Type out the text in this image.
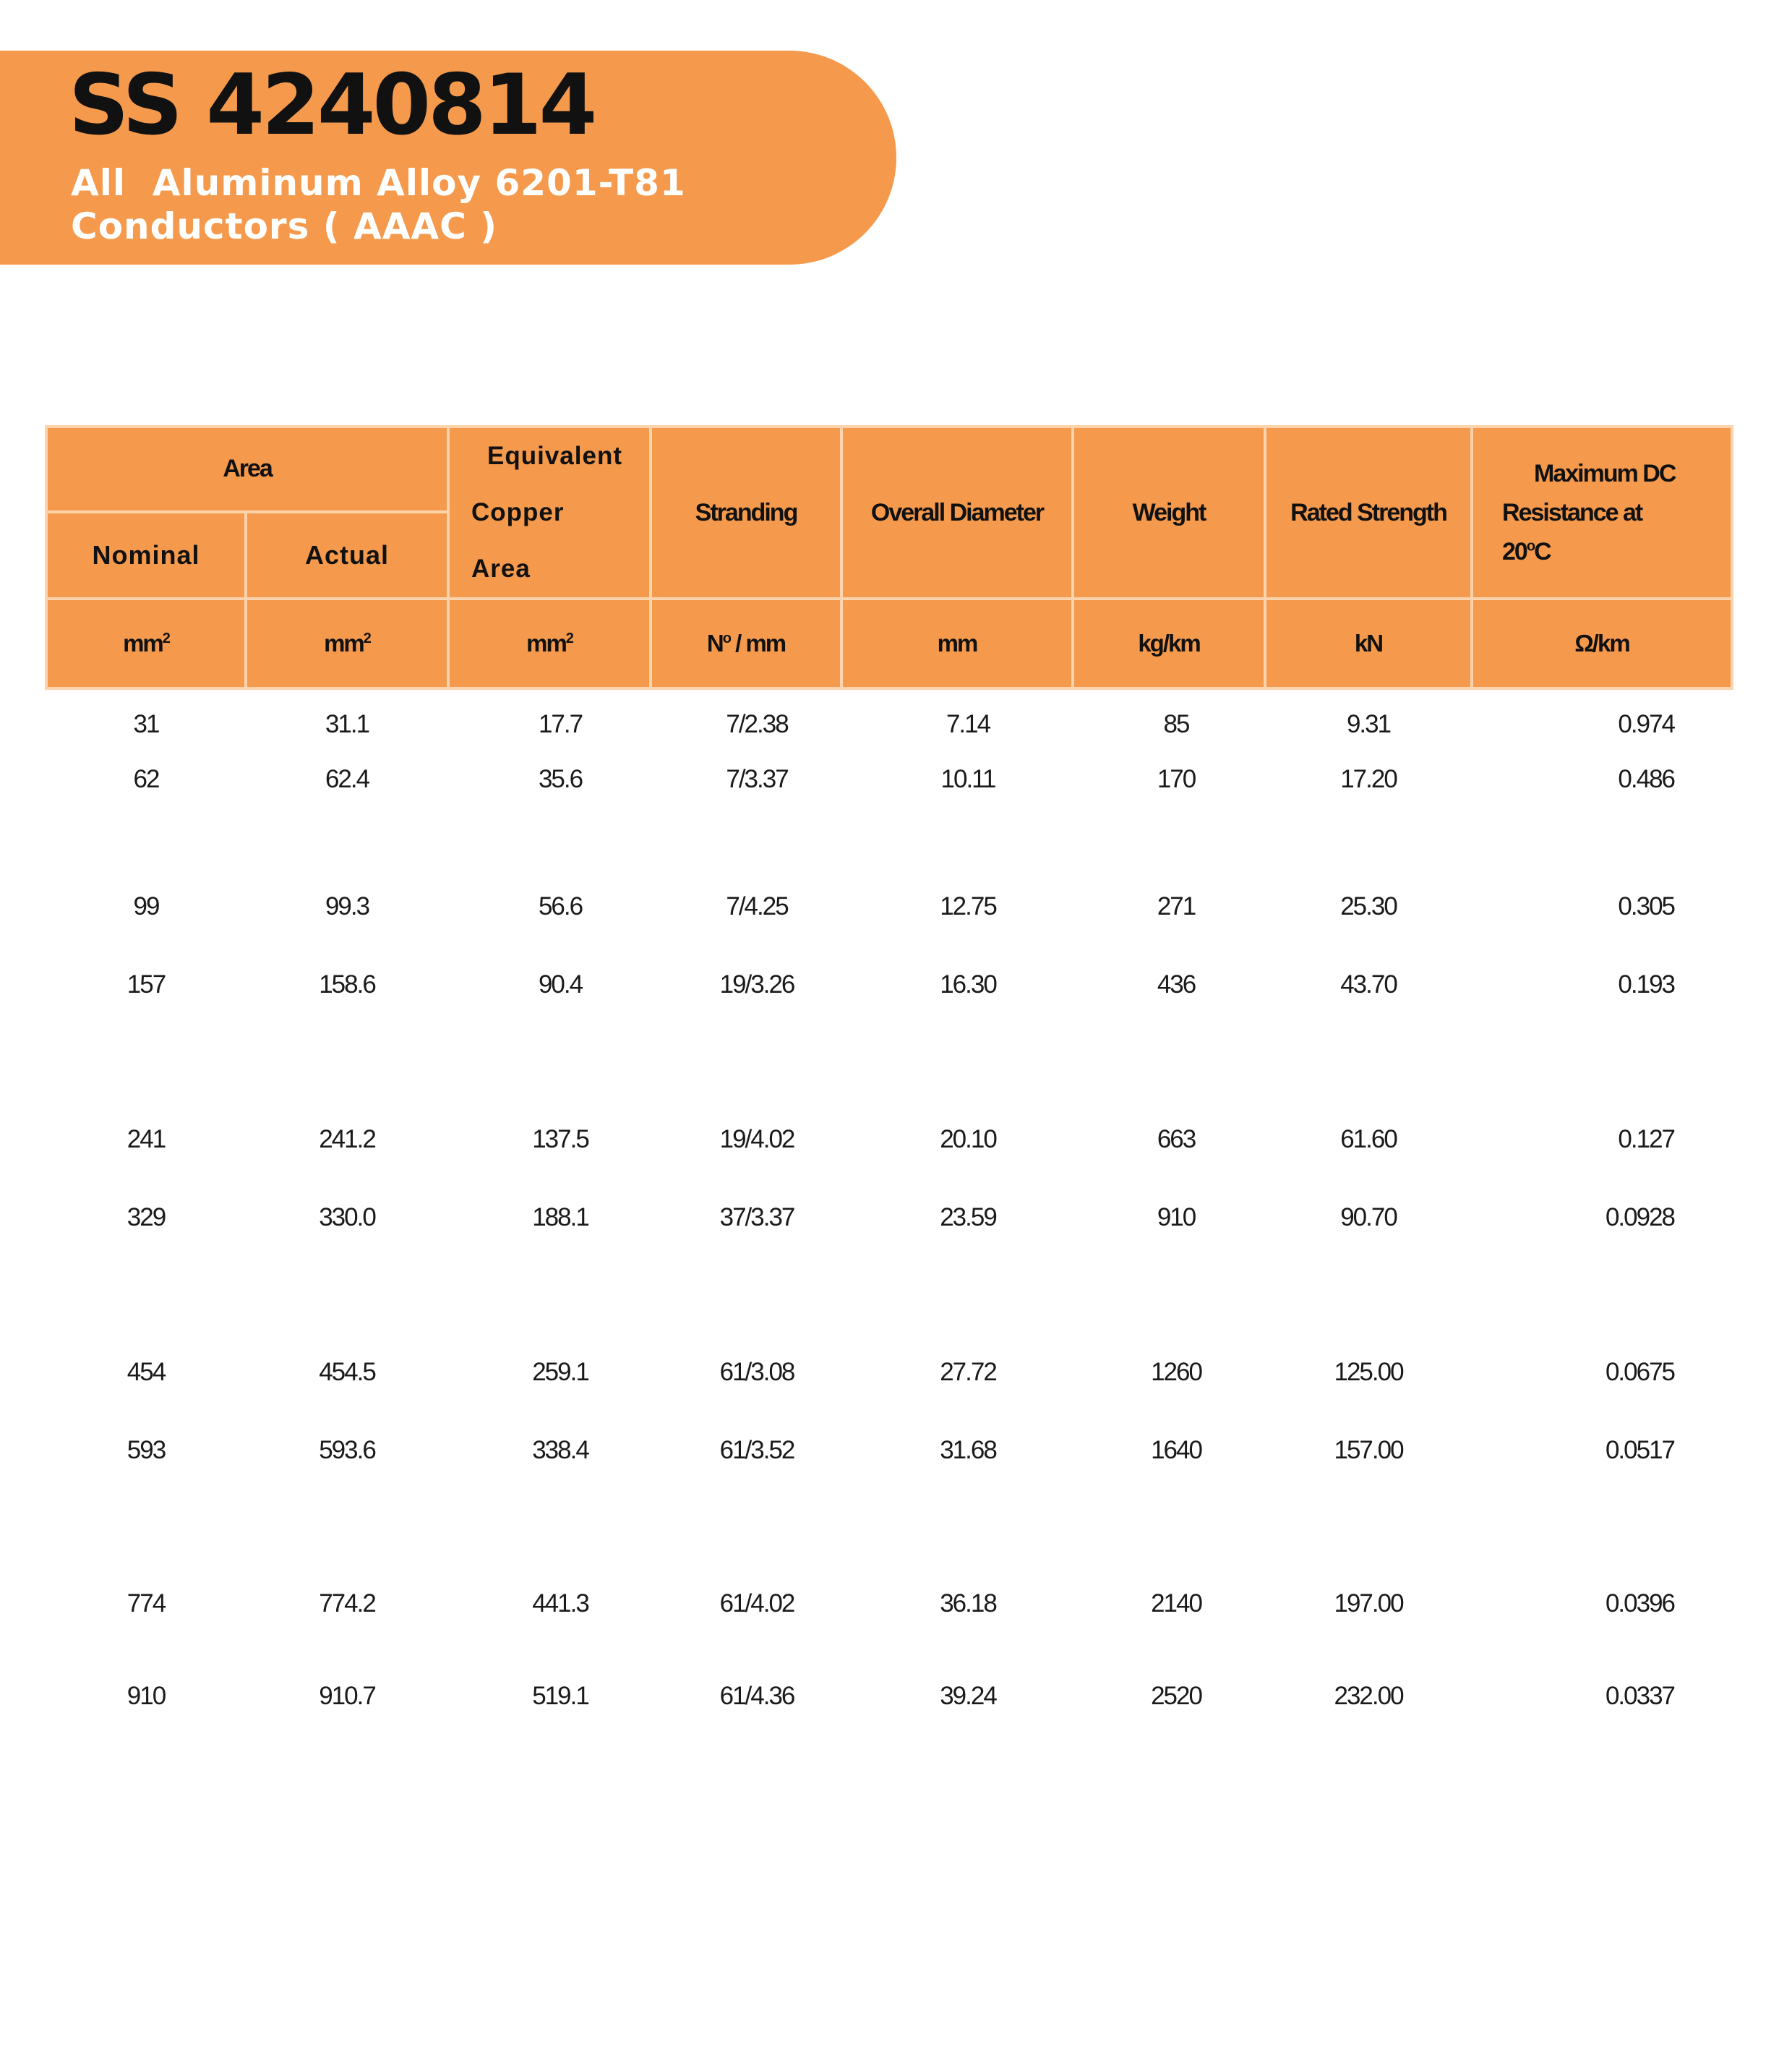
SS 4240814
All  Aluminum Alloy 6201-T81
Conductors ( AAAC )
Area		Equivalent
Copper
Area	Stranding	Overall Diameter	Weight	Rated Strength	Maximum DC
Resistance at
20$^o$C
Nominal	Actual						
$mm^2$	$mm^2$	$mm^2$	$N^o$ / mm	mm	kg/km	kN	Ω/km
31	31.1	17.7	7/2.38	7.14	85	9.31	0.974
62	62.4	35.6	7/3.37	10.11	170	17.20	0.486
99	99.3	56.6	7/4.25	12.75	271	25.30	0.305
157	158.6	90.4	19/3.26	16.30	436	43.70	0.193
241	241.2	137.5	19/4.02	20.10	663	61.60	0.127
329	330.0	188.1	37/3.37	23.59	910	90.70	0.0928
454	454.5	259.1	61/3.08	27.72	1260	125.00	0.0675
593	593.6	338.4	61/3.52	31.68	1640	157.00	0.0517
774	774.2	441.3	61/4.02	36.18	2140	197.00	0.0396
910	910.7	519.1	61/4.36	39.24	2520	232.00	0.0337
